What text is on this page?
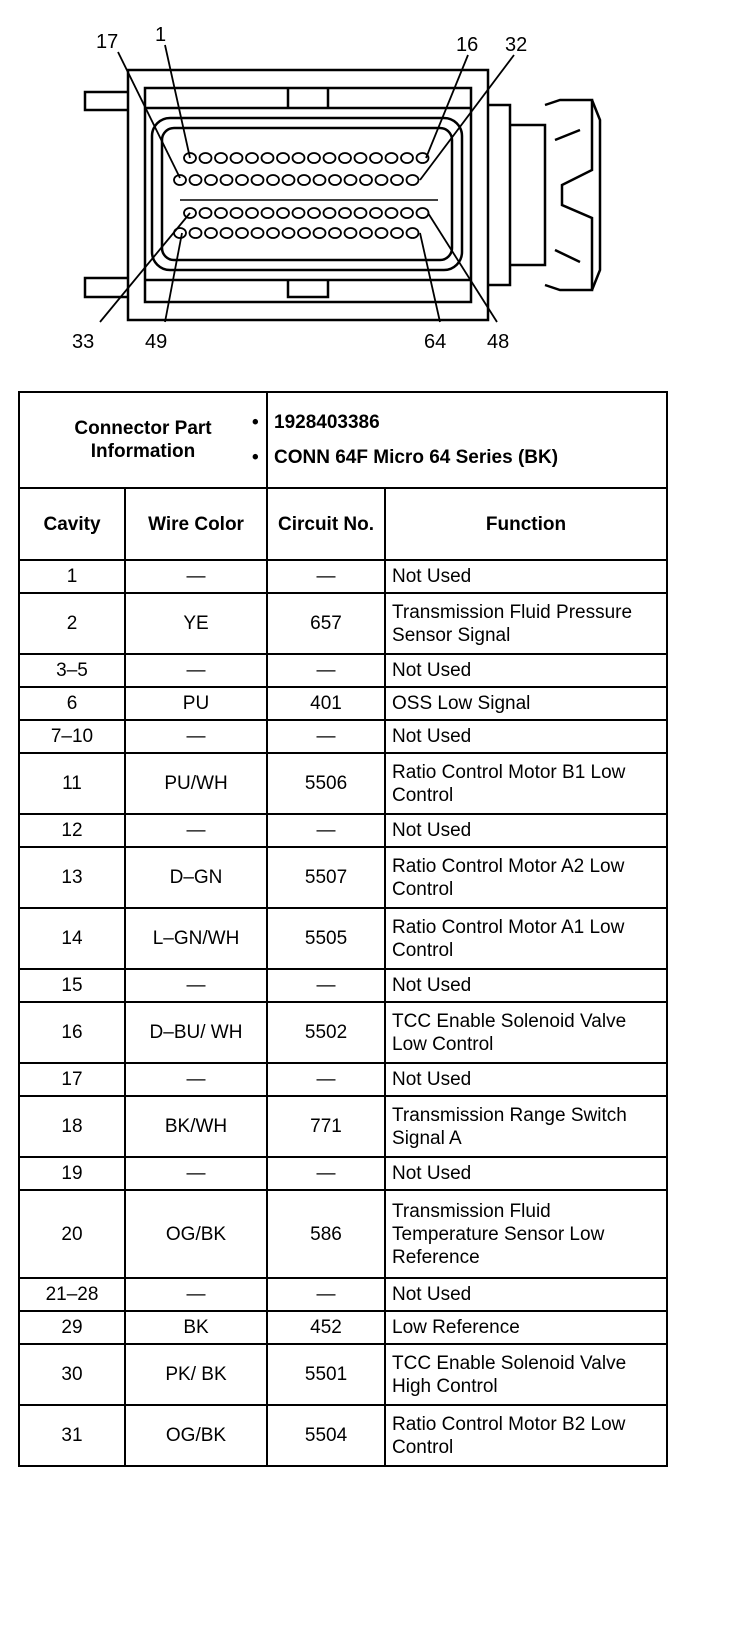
17 1	16 32
33	49	64 48
Connector Part Information		• 1928403386
• CONN 64F Micro 64 Series (BK)

Cavity	Wire Color	Circuit No.	Function
1	—	—	Not Used
2	YE	657	Transmission Fluid Pressure Sensor Signal
3–5	—	—	Not Used
6	PU	401	OSS Low Signal
7–10	—	—	Not Used
11	PU/WH	5506	Ratio Control Motor B1 Low Control
12	—	—	Not Used
13	D–GN	5507	Ratio Control Motor A2 Low Control
14	L–GN/WH	5505	Ratio Control Motor A1 Low Control
15	—	—	Not Used
16	D–BU/ WH	5502	TCC Enable Solenoid Valve Low Control
17	—	—	Not Used
18	BK/WH	771	Transmission Range Switch Signal A
19	—	—	Not Used
20	OG/BK	586	Transmission Fluid Temperature Sensor Low Reference
21–28	—	—	Not Used
29	BK	452	Low Reference
30	PK/ BK	5501	TCC Enable Solenoid Valve High Control
31	OG/BK	5504	Ratio Control Motor B2 Low Control
